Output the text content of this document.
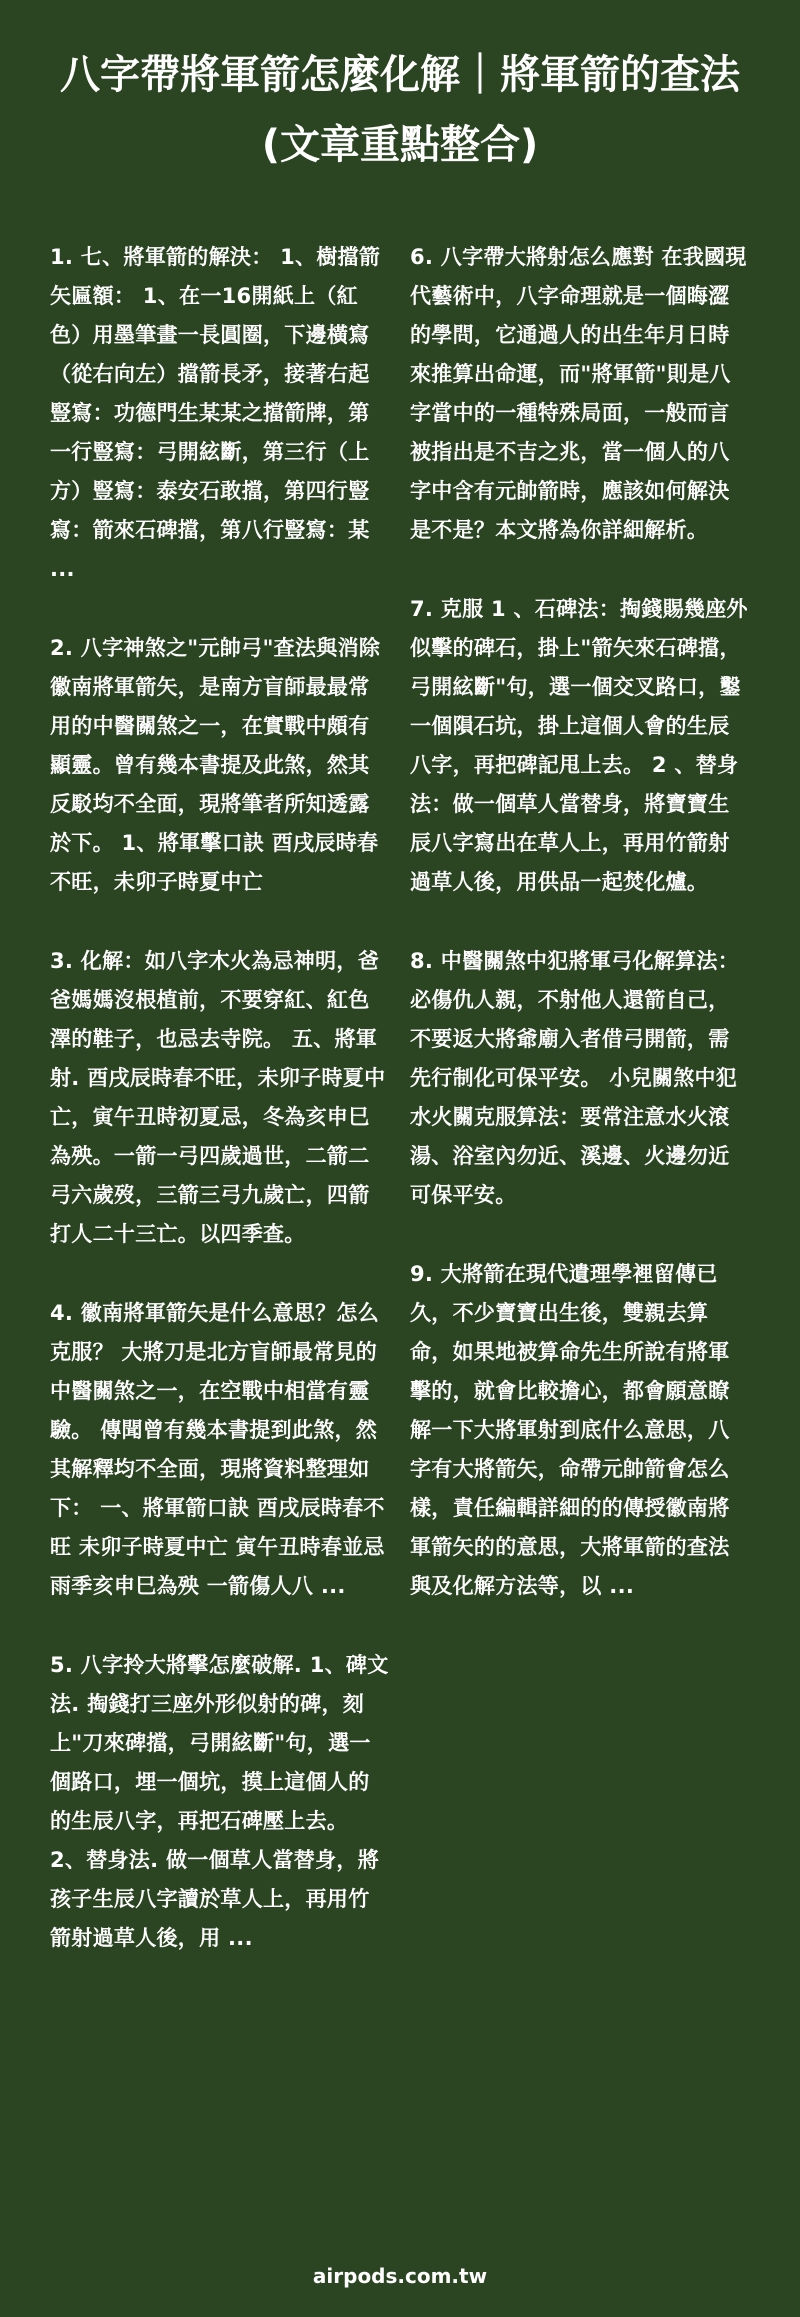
八字帶將軍箭怎麼化解｜將軍箭的查法
(文章重點整合)

1. 七、將軍箭的解決： 1、樹擋箭矢匾額： 1、在一16開紙上（紅色）用墨筆畫一長圓圈，下邊橫寫（從右向左）擋箭長矛，接著右起豎寫：功德門生某某之擋箭牌，第一行豎寫：弓開絃斷，第三行（上方）豎寫：泰安石敢擋，第四行豎寫：箭來石碑擋，第八行豎寫：某 ...

2. 八字神煞之"元帥弓"查法與消除 徽南將軍箭矢，是南方盲師最最常用的中醫關煞之一，在實戰中頗有顯靈。曾有幾本書提及此煞，然其反駁均不全面，現將筆者所知透露於下。 1、將軍擊口訣 酉戌辰時春不旺，未卯子時夏中亡

3. 化解：如八字木火為忌神明，爸爸媽媽沒根植前，不要穿紅、紅色澤的鞋子，也忌去寺院。 五、將軍射. 酉戌辰時春不旺，未卯子時夏中亡，寅午丑時初夏忌，冬為亥申巳為殃。一箭一弓四歲過世，二箭二弓六歲歿，三箭三弓九歲亡，四箭打人二十三亡。以四季查。

4. 徽南將軍箭矢是什么意思？怎么克服？ 大將刀是北方盲師最常見的中醫關煞之一，在空戰中相當有靈驗。 傳聞曾有幾本書提到此煞，然其解釋均不全面，現將資料整理如下： 一、將軍箭口訣 酉戌辰時春不旺 未卯子時夏中亡 寅午丑時春並忌 雨季亥申巳為殃 一箭傷人八 ...

5. 八字拎大將擊怎麼破解. 1、碑文法. 掏錢打三座外形似射的碑，刻上"刀來碑擋，弓開絃斷"句，選一個路口，埋一個坑，摸上這個人的的生辰八字，再把石碑壓上去。 2、替身法. 做一個草人當替身，將孩子生辰八字讀於草人上，再用竹箭射過草人後，用 ...

6. 八字帶大將射怎么應對 在我國現代藝術中，八字命理就是一個晦澀的學問，它通過人的出生年月日時來推算出命運，而"將軍箭"則是八字當中的一種特殊局面，一般而言被指出是不吉之兆，當一個人的八字中含有元帥箭時，應該如何解決是不是？本文將為你詳細解析。

7. 克服 1 、石碑法：掏錢賜幾座外似擊的碑石，掛上"箭矢來石碑擋，弓開絃斷"句，選一個交叉路口，鑿一個隕石坑，掛上這個人會的生辰八字，再把碑記甩上去。 2 、替身法：做一個草人當替身，將寶寶生辰八字寫出在草人上，再用竹箭射過草人後，用供品一起焚化爐。

8. 中醫關煞中犯將軍弓化解算法：必傷仇人親，不射他人還箭自己，不要返大將爺廟入者借弓開箭，需先行制化可保平安。 小兒關煞中犯水火關克服算法：要常注意水火滾湯、浴室內勿近、溪邊、火邊勿近可保平安。

9. 大將箭在現代遺理學裡留傳已久，不少寶寶出生後，雙親去算命，如果地被算命先生所說有將軍擊的，就會比較擔心，都會願意瞭解一下大將軍射到底什么意思，八字有大將箭矢，命帶元帥箭會怎么樣，責任編輯詳細的的傳授徽南將軍箭矢的的意思，大將軍箭的查法與及化解方法等，以 ...

airpods.com.tw
